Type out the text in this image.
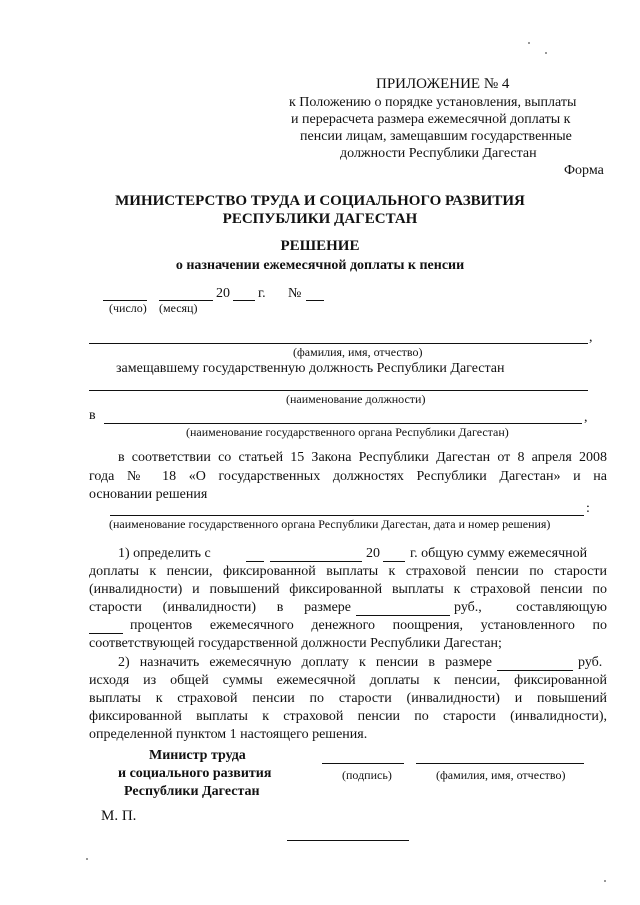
ПРИЛОЖЕНИЕ № 4
к Положению о порядке установления, выплаты
и перерасчета размера ежемесячной доплаты к
пенсии лицам, замещавшим государственные
должности Республики Дагестан
Форма
МИНИСТЕРСТВО ТРУДА И СОЦИАЛЬНОГО РАЗВИТИЯ
РЕСПУБЛИКИ ДАГЕСТАН
РЕШЕНИЕ
о назначении ежемесячной доплаты к пенсии
20 г. №
(число) (месяц)
,
(фамилия, имя, отчество)
замещавшему государственную должность Республики Дагестан
(наименование должности)
в	,
(наименование государственного органа Республики Дагестан)
в соответствии со статьей 15 Закона Республики Дагестан от 8 апреля 2008
года № 18 «О государственных должностях Республики Дагестан» и на
основании решения
:
(наименование государственного органа Республики Дагестан, дата и номер решения)
1) определить с	20 г. общую сумму ежемесячной
доплаты к пенсии, фиксированной выплаты к страховой пенсии по старости
(инвалидности) и повышений фиксированной выплаты к страховой пенсии по
старости (инвалидности) в размере	руб., составляющую
процентов ежемесячного денежного поощрения, установленного по
соответствующей государственной должности Республики Дагестан;
2) назначить ежемесячную доплату к пенсии в размере	руб.
исходя из общей суммы ежемесячной доплаты к пенсии, фиксированной
выплаты к страховой пенсии по старости (инвалидности) и повышений
фиксированной выплаты к страховой пенсии по старости (инвалидности),
определенной пунктом 1 настоящего решения.
Министр труда
и социального развития
Республики Дагестан
(подпись)	(фамилия, имя, отчество)
М. П.
